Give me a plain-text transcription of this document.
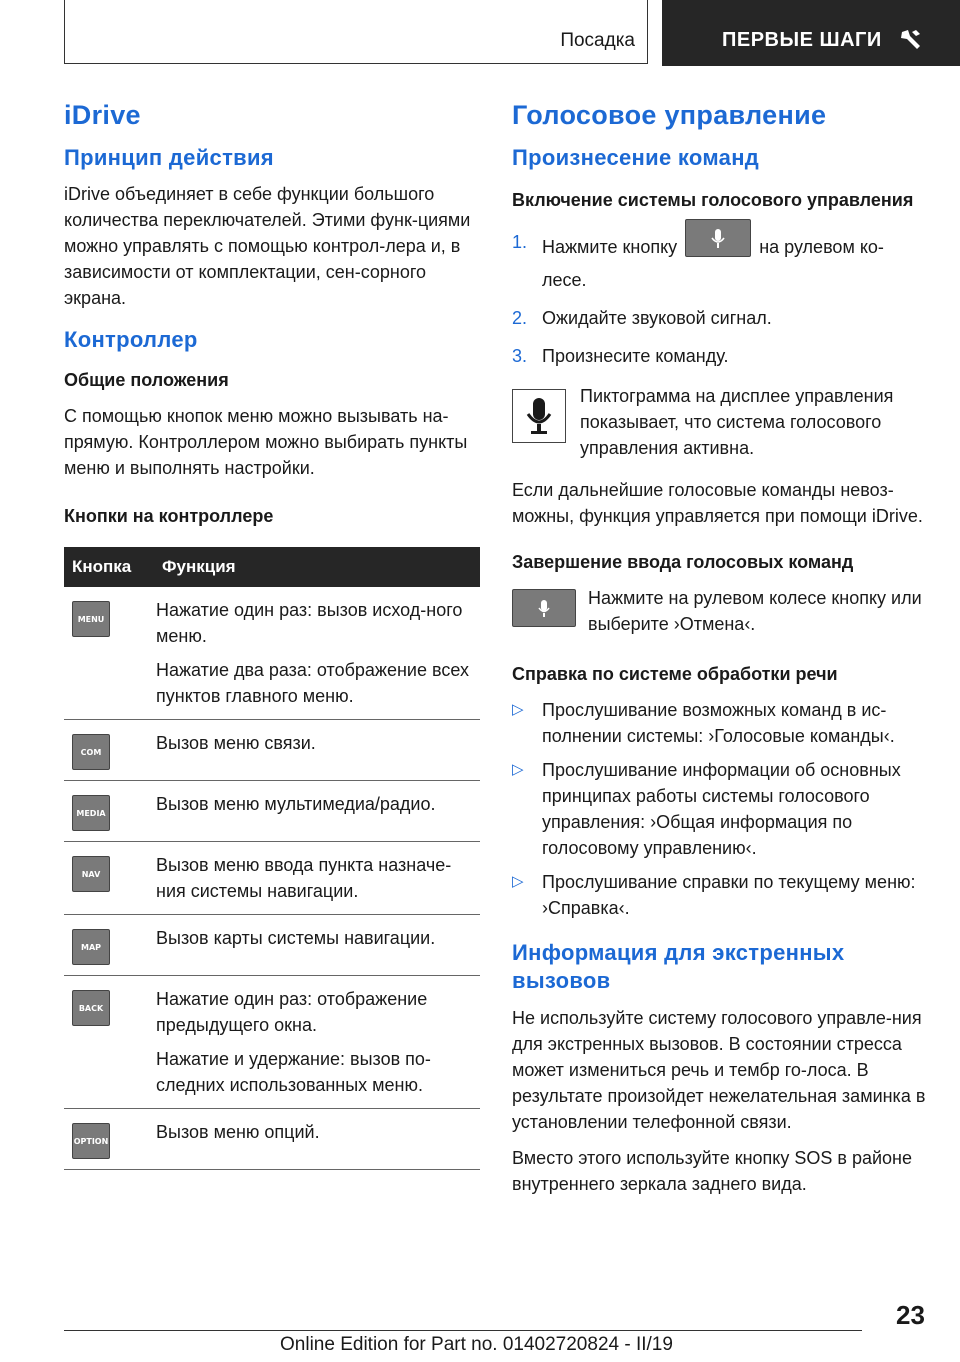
Посадка	ПЕРВЫЕ ШАГИ
iDrive
Принцип действия

iDrive объединяет в себе функции большого количества переключателей. Этими функ-циями можно управлять с помощью контрол-лера и, в зависимости от комплектации, сен-сорного экрана.

Контроллер
Общие положения

С помощью кнопок меню можно вызывать на-прямую. Контроллером можно выбирать пункты меню и выполнять настройки.

Кнопки на контроллере
Кнопка	Функция

MENU	Нажатие один раз: вызов исход-ного меню.

Нажатие два раза: отображение всех пунктов главного меню.

COM	Вызов меню связи.

MEDIA	Вызов меню мультимедиа/радио.

NAV	Вызов меню ввода пункта назначе-ния системы навигации.

MAP	Вызов карты системы навигации.

BACK	Нажатие один раз: отображение предыдущего окна.

Нажатие и удержание: вызов по-следних использованных меню.

OPTION	Вызов меню опций.

Голосовое управление
Произнесение команд
Включение системы голосового управления
1. Нажмите кнопку	на рулевом ко-лесе.
2. Ожидайте звуковой сигнал.
3. Произнесите команду.
Пиктограмма на дисплее управления показывает, что система голосового управления активна.

Если дальнейшие голосовые команды невоз-можны, функция управляется при помощи iDrive.

Завершение ввода голосовых команд
Нажмите на рулевом колесе кнопку или выберите ›Отмена‹.
Справка по системе обработки речи
▷ Прослушивание возможных команд в ис-полнении системы: ›Голосовые команды‹.
▷ Прослушивание информации об основных принципах работы системы голосового управления: ›Общая информация по голосовому управлению‹.
▷ Прослушивание справки по текущему меню: ›Справка‹.
Информация для экстренных вызовов

Не используйте систему голосового управле-ния для экстренных вызовов. В состоянии стресса может измениться речь и тембр го-лоса. В результате произойдет нежелательная заминка в установлении телефонной связи.

Вместо этого используйте кнопку SOS в районе внутреннего зеркала заднего вида.

23
Online Edition for Part no. 01402720824 - II/19
